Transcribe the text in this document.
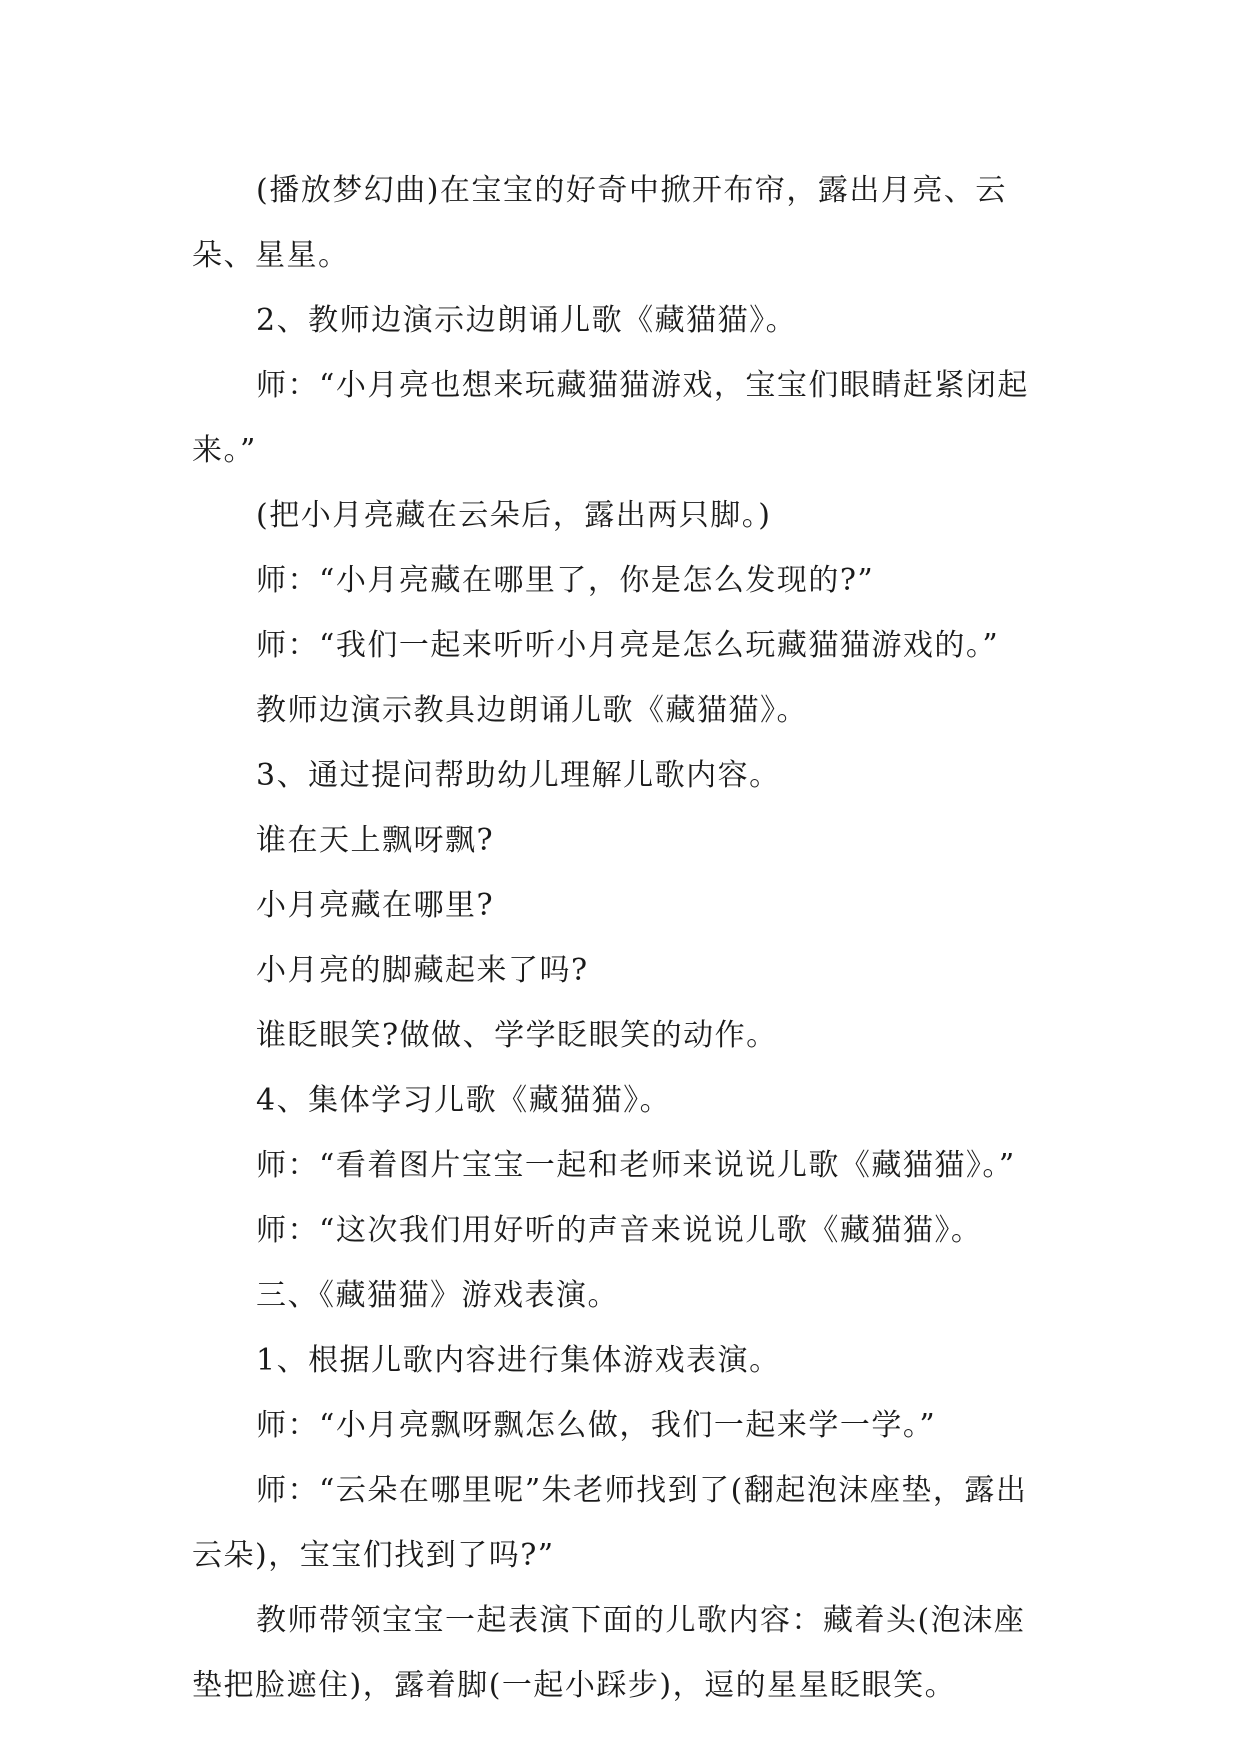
(播放梦幻曲)在宝宝的好奇中掀开布帘，露出月亮、云朵、星星。

2、教师边演示边朗诵儿歌《藏猫猫》。

师：“小月亮也想来玩藏猫猫游戏，宝宝们眼睛赶紧闭起来。”

(把小月亮藏在云朵后，露出两只脚。)

师：“小月亮藏在哪里了，你是怎么发现的?”

师：“我们一起来听听小月亮是怎么玩藏猫猫游戏的。”

教师边演示教具边朗诵儿歌《藏猫猫》。

3、通过提问帮助幼儿理解儿歌内容。

谁在天上飘呀飘?

小月亮藏在哪里?

小月亮的脚藏起来了吗?

谁眨眼笑?做做、学学眨眼笑的动作。

4、集体学习儿歌《藏猫猫》。

师：“看着图片宝宝一起和老师来说说儿歌《藏猫猫》。”

师：“这次我们用好听的声音来说说儿歌《藏猫猫》。

三、《藏猫猫》游戏表演。

1、根据儿歌内容进行集体游戏表演。

师：“小月亮飘呀飘怎么做，我们一起来学一学。”

师：“云朵在哪里呢”朱老师找到了(翻起泡沫座垫，露出云朵)，宝宝们找到了吗?”

教师带领宝宝一起表演下面的儿歌内容：藏着头(泡沫座垫把脸遮住)，露着脚(一起小踩步)，逗的星星眨眼笑。
